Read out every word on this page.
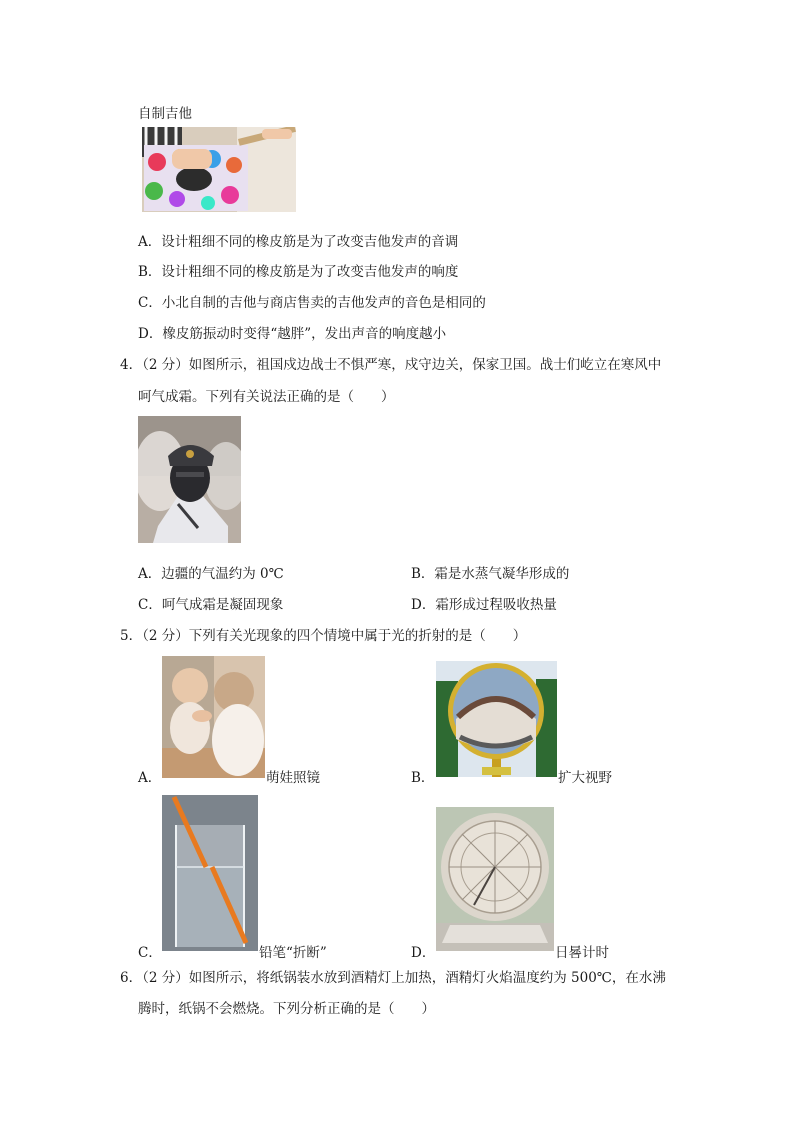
自制吉他
A．设计粗细不同的橡皮筋是为了改变吉他发声的音调
B．设计粗细不同的橡皮筋是为了改变吉他发声的响度
C．小北自制的吉他与商店售卖的吉他发声的音色是相同的
D．橡皮筋振动时变得“越胖”，发出声音的响度越小
4．（2 分）如图所示，祖国戍边战士不惧严寒，戍守边关，保家卫国。战士们屹立在寒风中
呵气成霜。下列有关说法正确的是（　　）
A．边疆的气温约为 0℃	B．霜是水蒸气凝华形成的
C．呵气成霜是凝固现象	D．霜形成过程吸收热量
5．（2 分）下列有关光现象的四个情境中属于光的折射的是（　　）
A．	萌娃照镜	B．	扩大视野
C．	铅笔“折断”	D．	日晷计时
6．（2 分）如图所示，将纸锅装水放到酒精灯上加热，酒精灯火焰温度约为 500℃，在水沸
腾时，纸锅不会燃烧。下列分析正确的是（　　）
